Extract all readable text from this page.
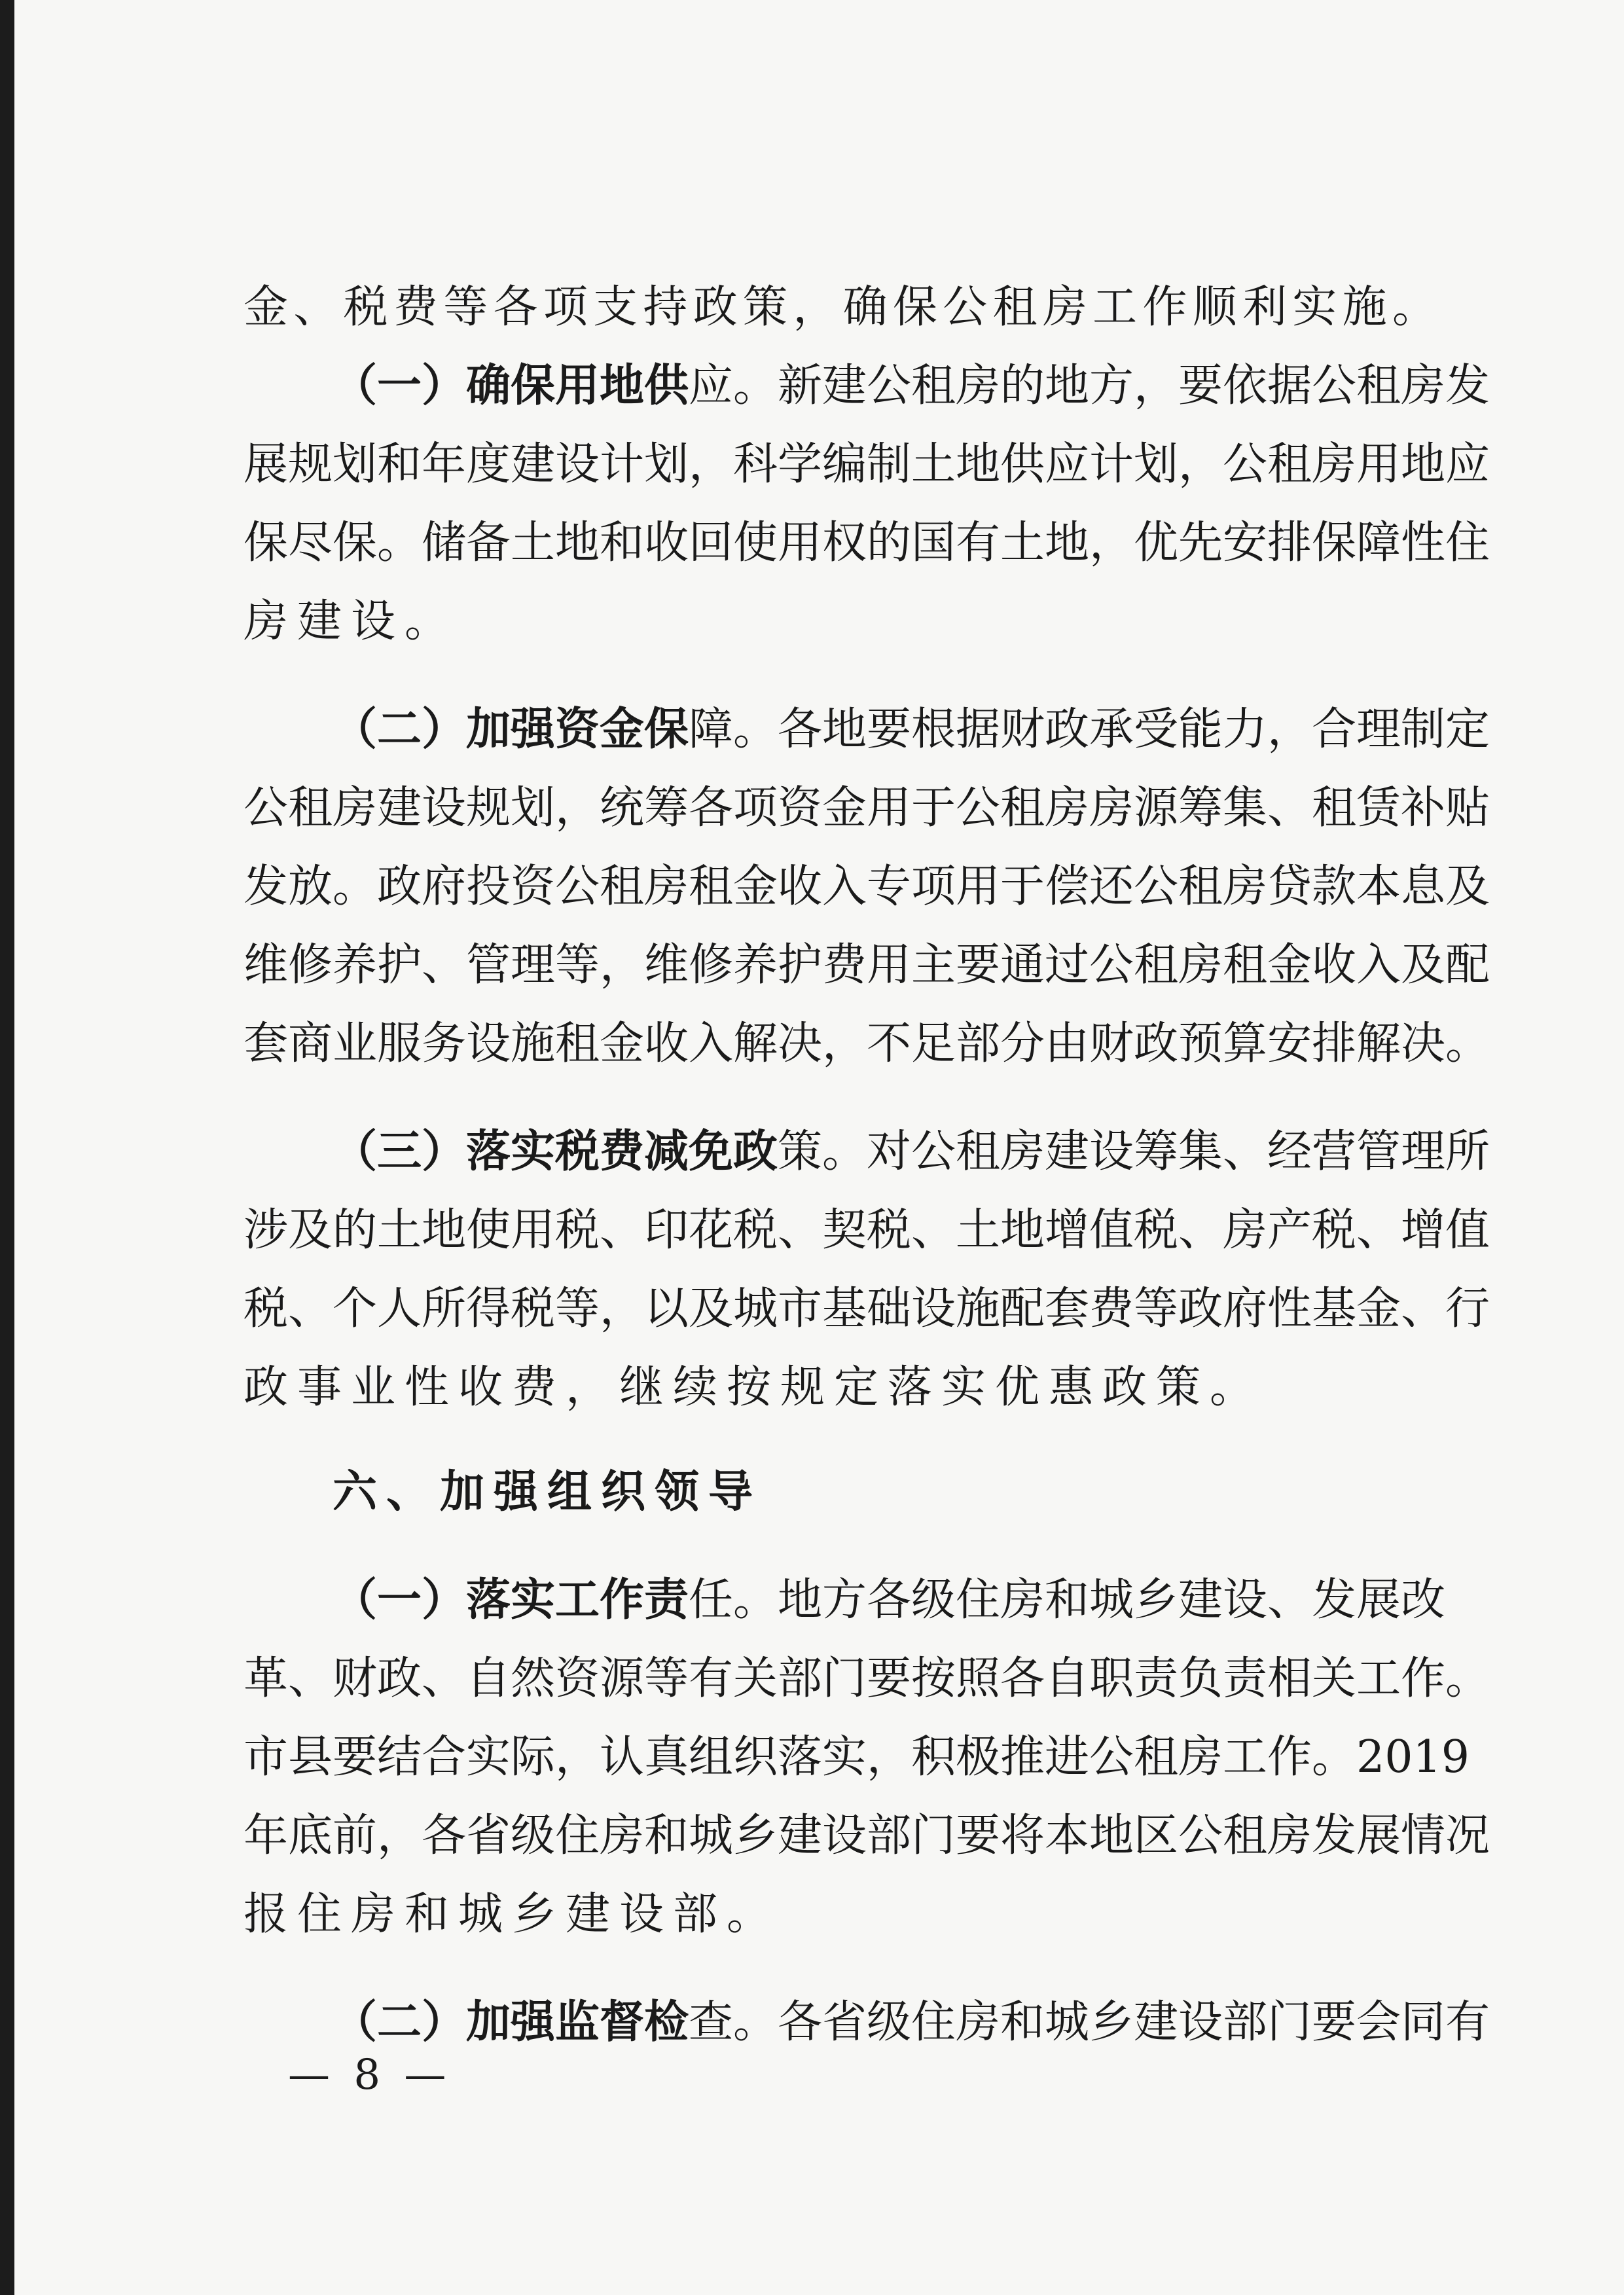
金、税费等各项支持政策，确保公租房工作顺利实施。
（一）确保用地供 应。新建公租房的地方，要依据公租房发
展规划和年度建设计划，科学编制土地供应计划，公租房用地应
保尽保。储备土地和收回使用权的国有土地，优先安排保障性住
房建设。
（二）加强资金保 障。各地要根据财政承受能力，合理制定
公租房建设规划，统筹各项资金用于公租房房源筹集、租赁补贴
发放。政府投资公租房租金收入专项用于偿还公租房贷款本息及
维修养护、管理等，维修养护费用主要通过公租房租金收入及配
套商业服务设施租金收入解决，不足部分由财政预算安排解决。
（三）落实税费减免政 策。对公租房建设筹集、经营管理所
涉及的土地使用税、印花税、契税、土地增值税、房产税、增值
税、个人所得税等，以及城市基础设施配套费等政府性基金、行
政事业性收费，继续按规定落实优惠政策。
六、加强组织领导
（一）落实工作责 任。地方各级住房和城乡建设、发展改
革、财政、自然资源等有关部门要按照各自职责负责相关工作。
市县要结合实际，认真组织落实，积极推进公租房工作。2019
年底前，各省级住房和城乡建设部门要将本地区公租房发展情况
报住房和城乡建设部。
（二）加强监督检 查。各省级住房和城乡建设部门要会同有
— 8 —
